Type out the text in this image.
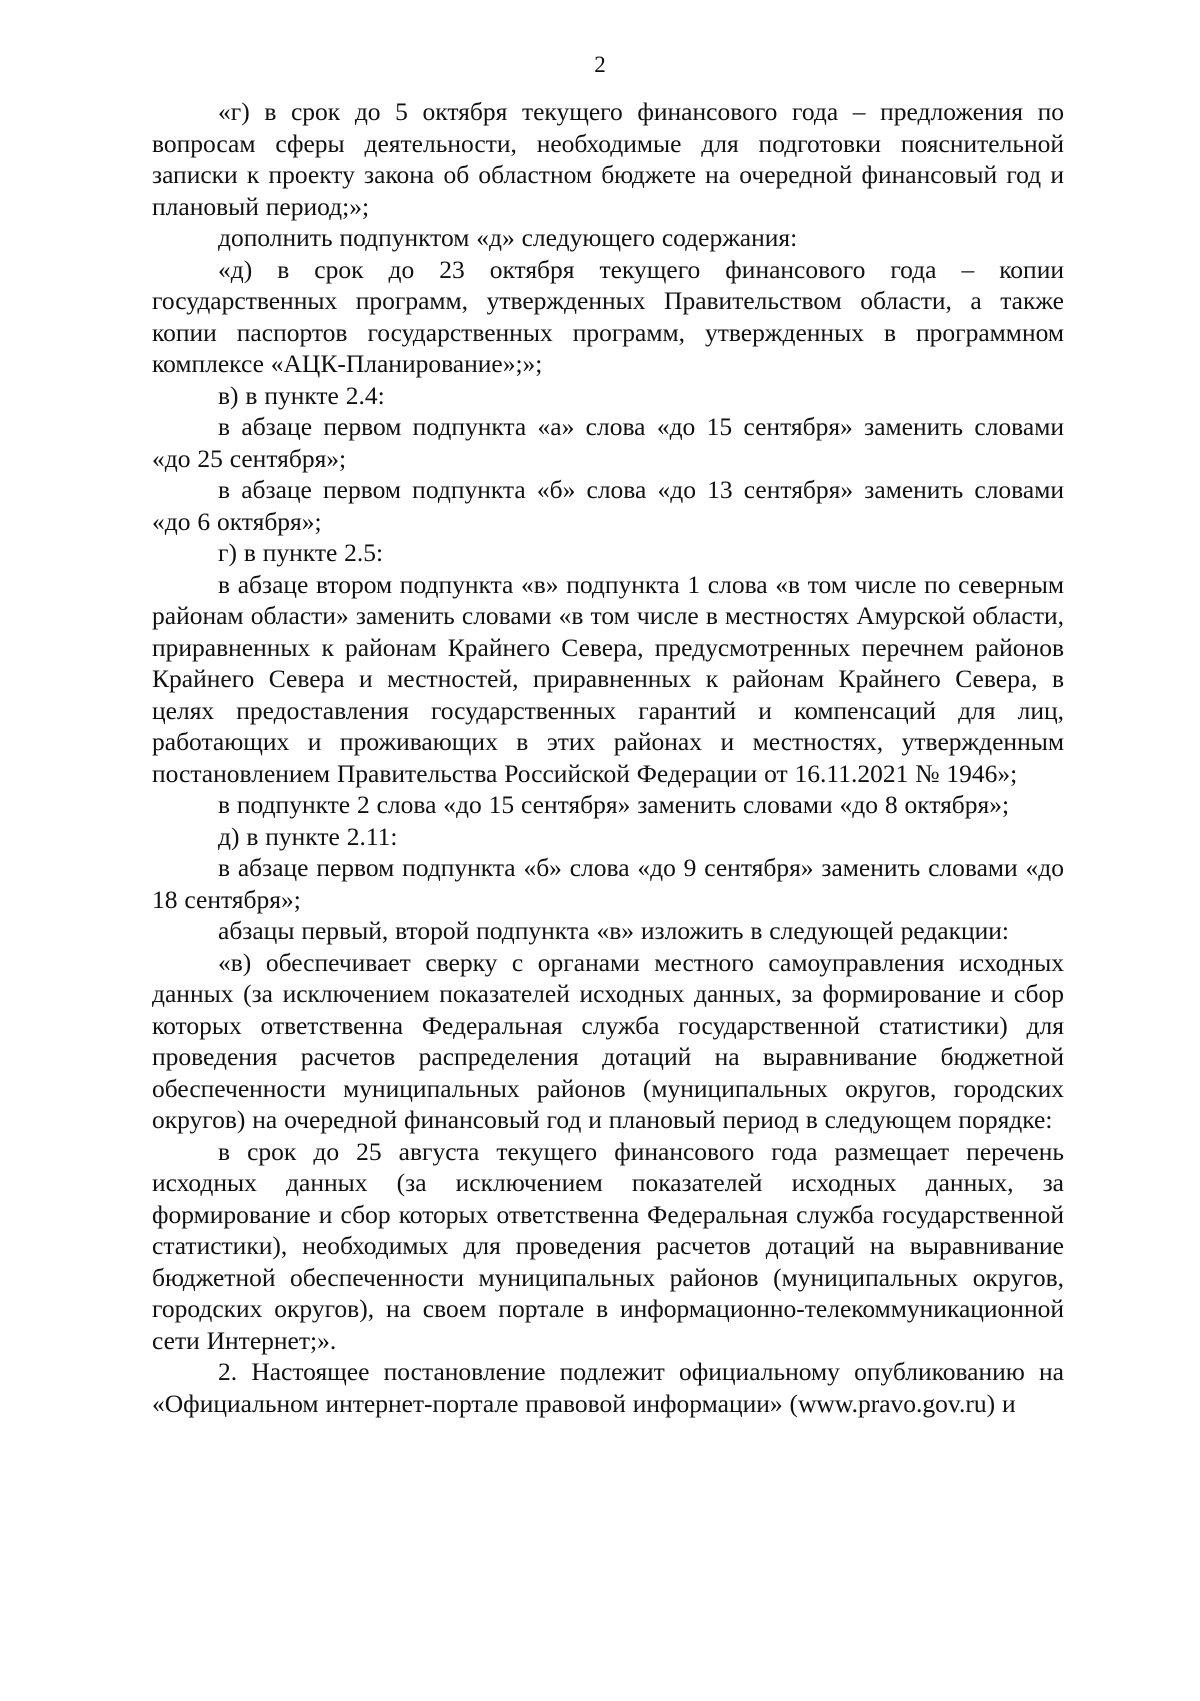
2

«г) в срок до 5 октября текущего финансового года – предложения по вопросам сферы деятельности, необходимые для подготовки пояснительной записки к проекту закона об областном бюджете на очередной финансовый год и плановый период;»;

дополнить подпунктом «д» следующего содержания:

«д) в срок до 23 октября текущего финансового года – копии государственных программ, утвержденных Правительством области, а также копии паспортов государственных программ, утвержденных в программном комплексе «АЦК-Планирование»;»;

в) в пункте 2.4:

в абзаце первом подпункта «а» слова «до 15 сентября» заменить словами «до 25 сентября»;

в абзаце первом подпункта «б» слова «до 13 сентября» заменить словами «до 6 октября»;

г) в пункте 2.5:

в абзаце втором подпункта «в» подпункта 1 слова «в том числе по северным районам области» заменить словами «в том числе в местностях Амурской области, приравненных к районам Крайнего Севера, предусмотренных перечнем районов Крайнего Севера и местностей, приравненных к районам Крайнего Севера, в целях предоставления государственных гарантий и компенсаций для лиц, работающих и проживающих в этих районах и местностях, утвержденным постановлением Правительства Российской Федерации от 16.11.2021 № 1946»;

в подпункте 2 слова «до 15 сентября» заменить словами «до 8 октября»;

д) в пункте 2.11:

в абзаце первом подпункта «б» слова «до 9 сентября» заменить словами «до 18 сентября»;

абзацы первый, второй подпункта «в» изложить в следующей редакции:

«в) обеспечивает сверку с органами местного самоуправления исходных данных (за исключением показателей исходных данных, за формирование и сбор которых ответственна Федеральная служба государственной статистики) для проведения расчетов распределения дотаций на выравнивание бюджетной обеспеченности муниципальных районов (муниципальных округов, городских округов) на очередной финансовый год и плановый период в следующем порядке:

в срок до 25 августа текущего финансового года размещает перечень исходных данных (за исключением показателей исходных данных, за формирование и сбор которых ответственна Федеральная служба государственной статистики), необходимых для проведения расчетов дотаций на выравнивание бюджетной обеспеченности муниципальных районов (муниципальных округов, городских округов), на своем портале в информационно-телекоммуникационной сети Интернет;».

2. Настоящее постановление подлежит официальному опубликованию на «Официальном интернет-портале правовой информации» (www.pravo.gov.ru) и
